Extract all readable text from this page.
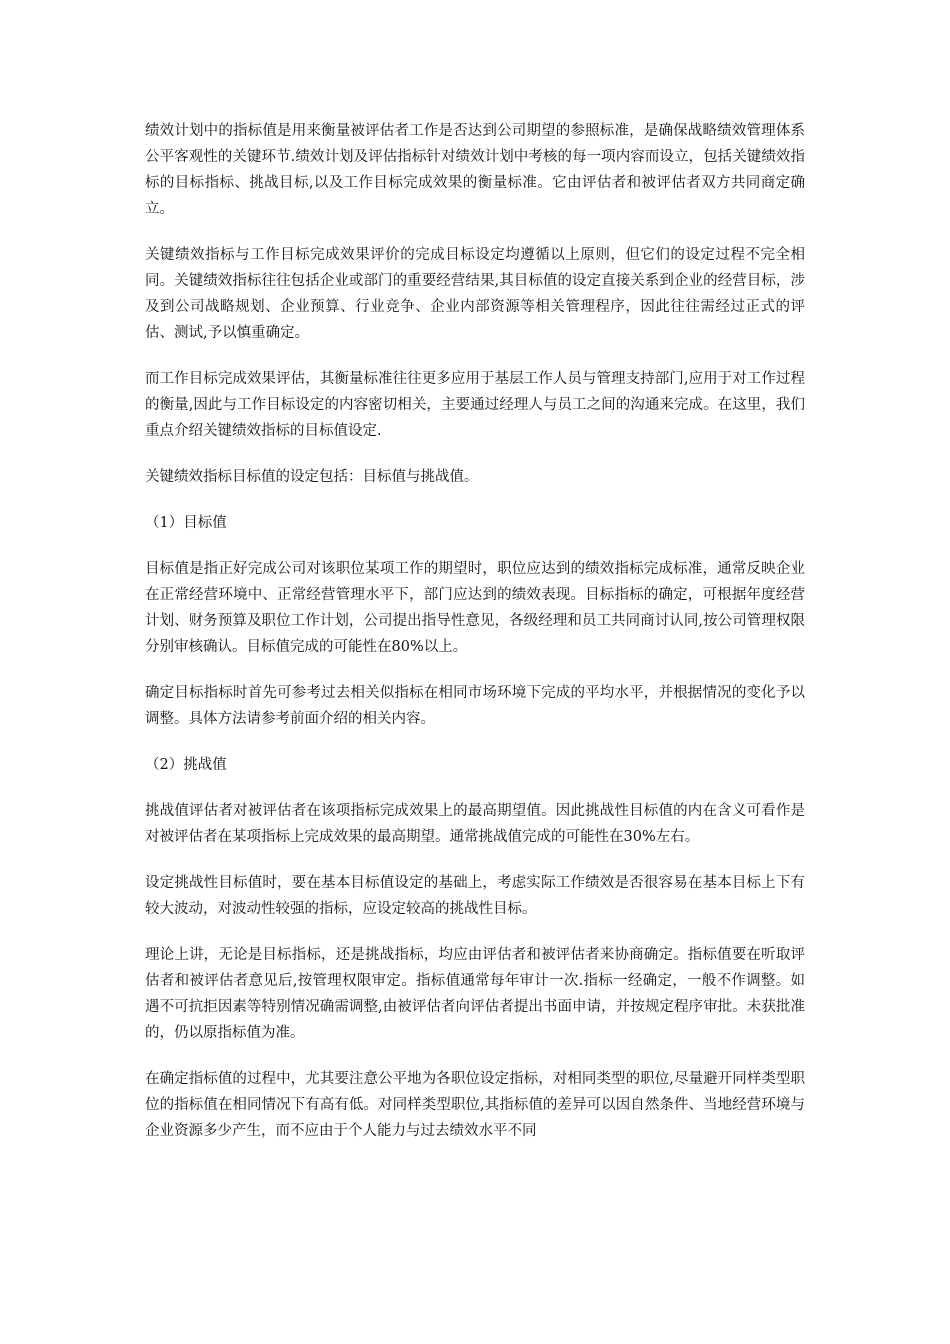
绩效计划中的指标值是用来衡量被评估者工作是否达到公司期望的参照标准，是确保战略绩效管理体系公平客观性的关键环节.绩效计划及评估指标针对绩效计划中考核的每一项内容而设立，包括关键绩效指标的目标指标、挑战目标,以及工作目标完成效果的衡量标准。它由评估者和被评估者双方共同商定确立。

关键绩效指标与工作目标完成效果评价的完成目标设定均遵循以上原则，但它们的设定过程不完全相同。关键绩效指标往往包括企业或部门的重要经营结果,其目标值的设定直接关系到企业的经营目标，涉及到公司战略规划、企业预算、行业竞争、企业内部资源等相关管理程序，因此往往需经过正式的评估、测试,予以慎重确定。

而工作目标完成效果评估，其衡量标准往往更多应用于基层工作人员与管理支持部门,应用于对工作过程的衡量,因此与工作目标设定的内容密切相关，主要通过经理人与员工之间的沟通来完成。在这里，我们重点介绍关键绩效指标的目标值设定.

关键绩效指标目标值的设定包括：目标值与挑战值。

（1）目标值

目标值是指正好完成公司对该职位某项工作的期望时，职位应达到的绩效指标完成标准，通常反映企业在正常经营环境中、正常经营管理水平下，部门应达到的绩效表现。目标指标的确定，可根据年度经营计划、财务预算及职位工作计划，公司提出指导性意见，各级经理和员工共同商讨认同,按公司管理权限分别审核确认。目标值完成的可能性在80%以上。

确定目标指标时首先可参考过去相关似指标在相同市场环境下完成的平均水平，并根据情况的变化予以调整。具体方法请参考前面介绍的相关内容。

（2）挑战值

挑战值评估者对被评估者在该项指标完成效果上的最高期望值。因此挑战性目标值的内在含义可看作是对被评估者在某项指标上完成效果的最高期望。通常挑战值完成的可能性在30%左右。

设定挑战性目标值时，要在基本目标值设定的基础上，考虑实际工作绩效是否很容易在基本目标上下有较大波动，对波动性较强的指标，应设定较高的挑战性目标。

理论上讲，无论是目标指标，还是挑战指标，均应由评估者和被评估者来协商确定。指标值要在听取评估者和被评估者意见后,按管理权限审定。指标值通常每年审计一次.指标一经确定，一般不作调整。如遇不可抗拒因素等特别情况确需调整,由被评估者向评估者提出书面申请，并按规定程序审批。未获批准的，仍以原指标值为准。

在确定指标值的过程中，尤其要注意公平地为各职位设定指标，对相同类型的职位,尽量避开同样类型职位的指标值在相同情况下有高有低。对同样类型职位,其指标值的差异可以因自然条件、当地经营环境与企业资源多少产生，而不应由于个人能力与过去绩效水平不同
